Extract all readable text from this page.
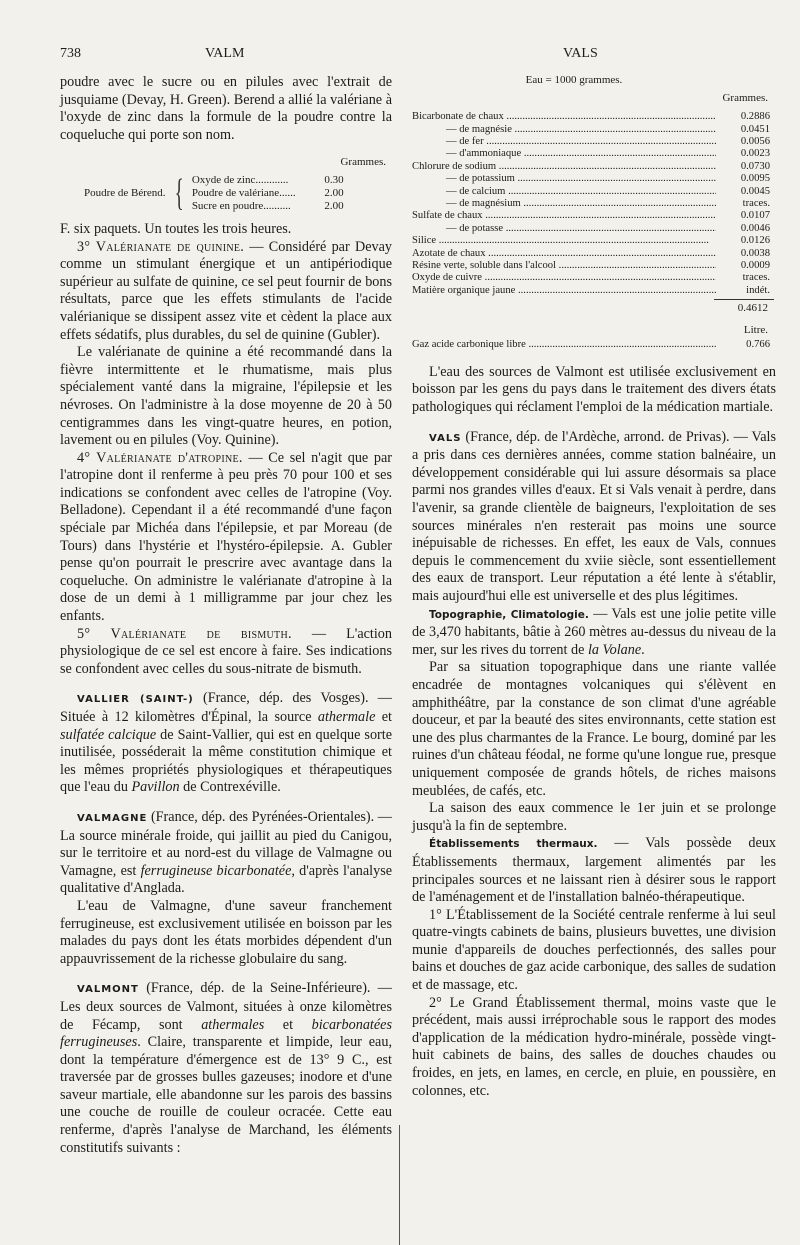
738	VALM	VALS

poudre avec le sucre ou en pilules avec l'extrait de jusquiame (Devay, H. Green). Berend a allié la valériane à l'oxyde de zinc dans la formule de la poudre contre la coqueluche qui porte son nom.

Grammes.
Poudre de Bérend.	{	Oxyde de zinc............	0.30
		Poudre de valériane......	2.00
		Sucre en poudre..........	2.00

F. six paquets. Un toutes les trois heures.

3° Valérianate de quinine. — Considéré par Devay comme un stimulant énergique et un antipériodique supérieur au sulfate de quinine, ce sel peut fournir de bons résultats, parce que les effets stimulants de l'acide valérianique se dissipent assez vite et cèdent la place aux effets sédatifs, plus durables, du sel de quinine (Gubler).

Le valérianate de quinine a été recommandé dans la fièvre intermittente et le rhumatisme, mais plus spécialement vanté dans la migraine, l'épilepsie et les névroses. On l'administre à la dose moyenne de 20 à 50 centigrammes dans les vingt-quatre heures, en potion, lavement ou en pilules (Voy. Quinine).

4° Valérianate d'atropine. — Ce sel n'agit que par l'atropine dont il renferme à peu près 70 pour 100 et ses indications se confondent avec celles de l'atropine (Voy. Belladone). Cependant il a été recommandé d'une façon spéciale par Michéa dans l'épilepsie, et par Moreau (de Tours) dans l'hystérie et l'hystéro-épilepsie. A. Gubler pense qu'on pourrait le prescrire avec avantage dans la coqueluche. On administre le valérianate d'atropine à la dose de un demi à 1 milligramme par jour chez les enfants.

5° Valérianate de bismuth. — L'action physiologique de ce sel est encore à faire. Ses indications se confondent avec celles du sous-nitrate de bismuth.

VALLIER (SAINT-) (France, dép. des Vosges). — Située à 12 kilomètres d'Épinal, la source athermale et sulfatée calcique de Saint-Vallier, qui est en quelque sorte inutilisée, posséderait la même constitution chimique et les mêmes propriétés physiologiques et thérapeutiques que l'eau du Pavillon de Contrexéville.

VALMAGNE (France, dép. des Pyrénées-Orientales). — La source minérale froide, qui jaillit au pied du Canigou, sur le territoire et au nord-est du village de Valmagne ou Vamagne, est ferrugineuse bicarbonatée, d'après l'analyse qualitative d'Anglada.

L'eau de Valmagne, d'une saveur franchement ferrugineuse, est exclusivement utilisée en boisson par les malades du pays dont les états morbides dépendent d'un appauvrissement de la richesse globulaire du sang.

VALMONT (France, dép. de la Seine-Inférieure). — Les deux sources de Valmont, situées à onze kilomètres de Fécamp, sont athermales et bicarbonatées ferrugineuses. Claire, transparente et limpide, leur eau, dont la température d'émergence est de 13° 9 C., est traversée par de grosses bulles gazeuses; inodore et d'une saveur martiale, elle abandonne sur les parois des bassins une couche de rouille de couleur ocracée. Cette eau renferme, d'après l'analyse de Marchand, les éléments constitutifs suivants :

Eau = 1000 grammes.
Grammes.
Bicarbonate de chaux .....	0.2886
— de magnésie .....	0.0451
— de fer .....	0.0056
— d'ammoniaque .....	0.0023
Chlorure de sodium .....	0.0730
— de potassium .....	0.0095
— de calcium .....	0.0045
— de magnésium .....	traces.
Sulfate de chaux .....	0.0107
— de potasse .....	0.0046
Silice .....	0.0126
Azotate de chaux .....	0.0038
Résine verte, soluble dans l'alcool .....	0.0009
Oxyde de cuivre .....	traces.
Matière organique jaune .....	indét.
0.4612
Litre.
Gaz acide carbonique libre .....	0.766

L'eau des sources de Valmont est utilisée exclusivement en boisson par les gens du pays dans le traitement des divers états pathologiques qui réclament l'emploi de la médication martiale.

VALS (France, dép. de l'Ardèche, arrond. de Privas). — Vals a pris dans ces dernières années, comme station balnéaire, un développement considérable qui lui assure désormais sa place parmi nos grandes villes d'eaux. Et si Vals venait à perdre, dans l'avenir, sa grande clientèle de baigneurs, l'exploitation de ses sources minérales n'en resterait pas moins une source inépuisable de richesses. En effet, les eaux de Vals, connues depuis le commencement du xviie siècle, sont essentiellement des eaux de transport. Leur réputation a été lente à s'établir, mais aujourd'hui elle est universelle et des plus légitimes.

Topographie, Climatologie. — Vals est une jolie petite ville de 3,470 habitants, bâtie à 260 mètres au-dessus du niveau de la mer, sur les rives du torrent de la Volane.

Par sa situation topographique dans une riante vallée encadrée de montagnes volcaniques qui s'élèvent en amphithéâtre, par la constance de son climat d'une agréable douceur, et par la beauté des sites environnants, cette station est une des plus charmantes de la France. Le bourg, dominé par les ruines d'un château féodal, ne forme qu'une longue rue, presque uniquement composée de grands hôtels, de riches maisons meublées, de cafés, etc.

La saison des eaux commence le 1er juin et se prolonge jusqu'à la fin de septembre.

Établissements thermaux. — Vals possède deux Établissements thermaux, largement alimentés par les principales sources et ne laissant rien à désirer sous le rapport de l'aménagement et de l'installation balnéo-thérapeutique.

1° L'Établissement de la Société centrale renferme à lui seul quatre-vingts cabinets de bains, plusieurs buvettes, une division munie d'appareils de douches perfectionnés, des salles pour bains et douches de gaz acide carbonique, des salles de sudation et de massage, etc.

2° Le Grand Établissement thermal, moins vaste que le précédent, mais aussi irréprochable sous le rapport des modes d'application de la médication hydro-minérale, possède vingt-huit cabinets de bains, des salles de douches chaudes ou froides, en jets, en lames, en cercle, en pluie, en poussière, en colonnes, etc.
